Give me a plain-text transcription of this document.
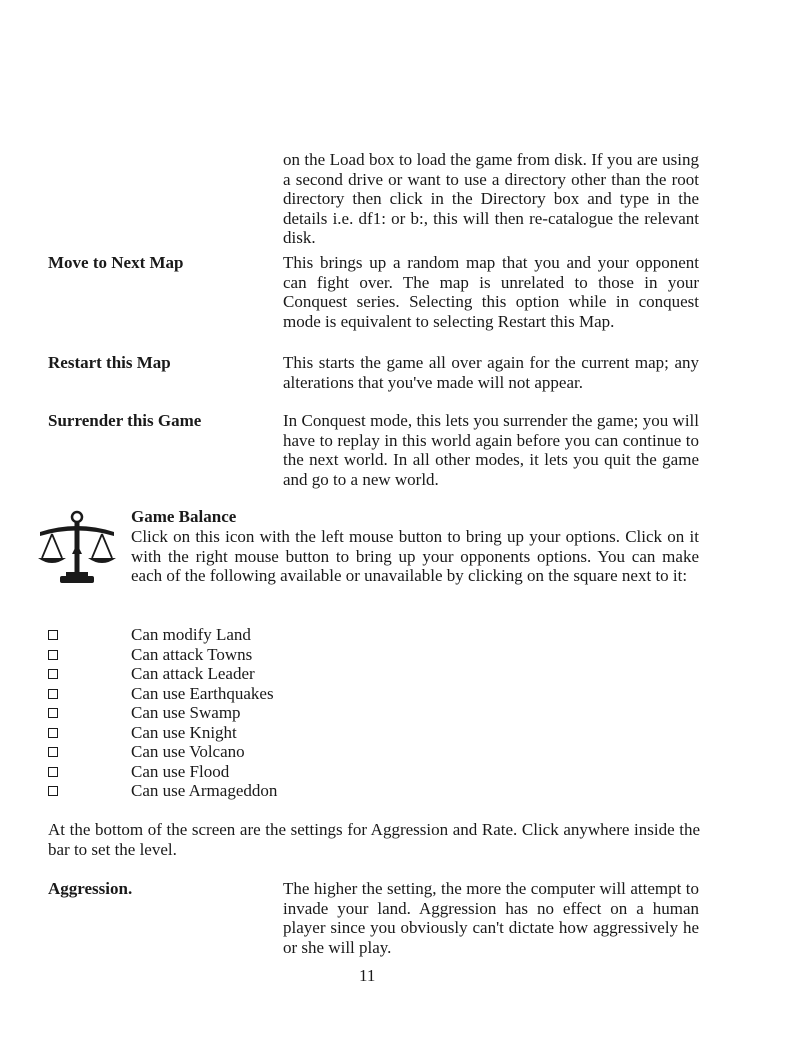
on the Load box to load the game from disk. If you are using a second drive or want to use a directory other than the root directory then click in the Directory box and type in the details i.e. df1: or b:, this will then re-catalogue the relevant disk.
Move to Next Map	This brings up a random map that you and your opponent can fight over. The map is unrelated to those in your Conquest series. Selecting this option while in conquest mode is equivalent to selecting Restart this Map.
Restart this Map	This starts the game all over again for the current map; any alterations that you've made will not appear.
Surrender this Game	In Conquest mode, this lets you surrender the game; you will have to replay in this world again before you can continue to the next world. In all other modes, it lets you quit the game and go to a new world.
Game Balance
Click on this icon with the left mouse button to bring up your options. Click on it with the right mouse button to bring up your opponents options. You can make each of the following available or unavailable by clicking on the square next to it:
Can modify Land
Can attack Towns
Can attack Leader
Can use Earthquakes
Can use Swamp
Can use Knight
Can use Volcano
Can use Flood
Can use Armageddon
At the bottom of the screen are the settings for Aggression and Rate. Click anywhere inside the bar to set the level.
Aggression.	The higher the setting, the more the computer will attempt to invade your land. Aggression has no effect on a human player since you obviously can't dictate how aggressively he or she will play.
11
